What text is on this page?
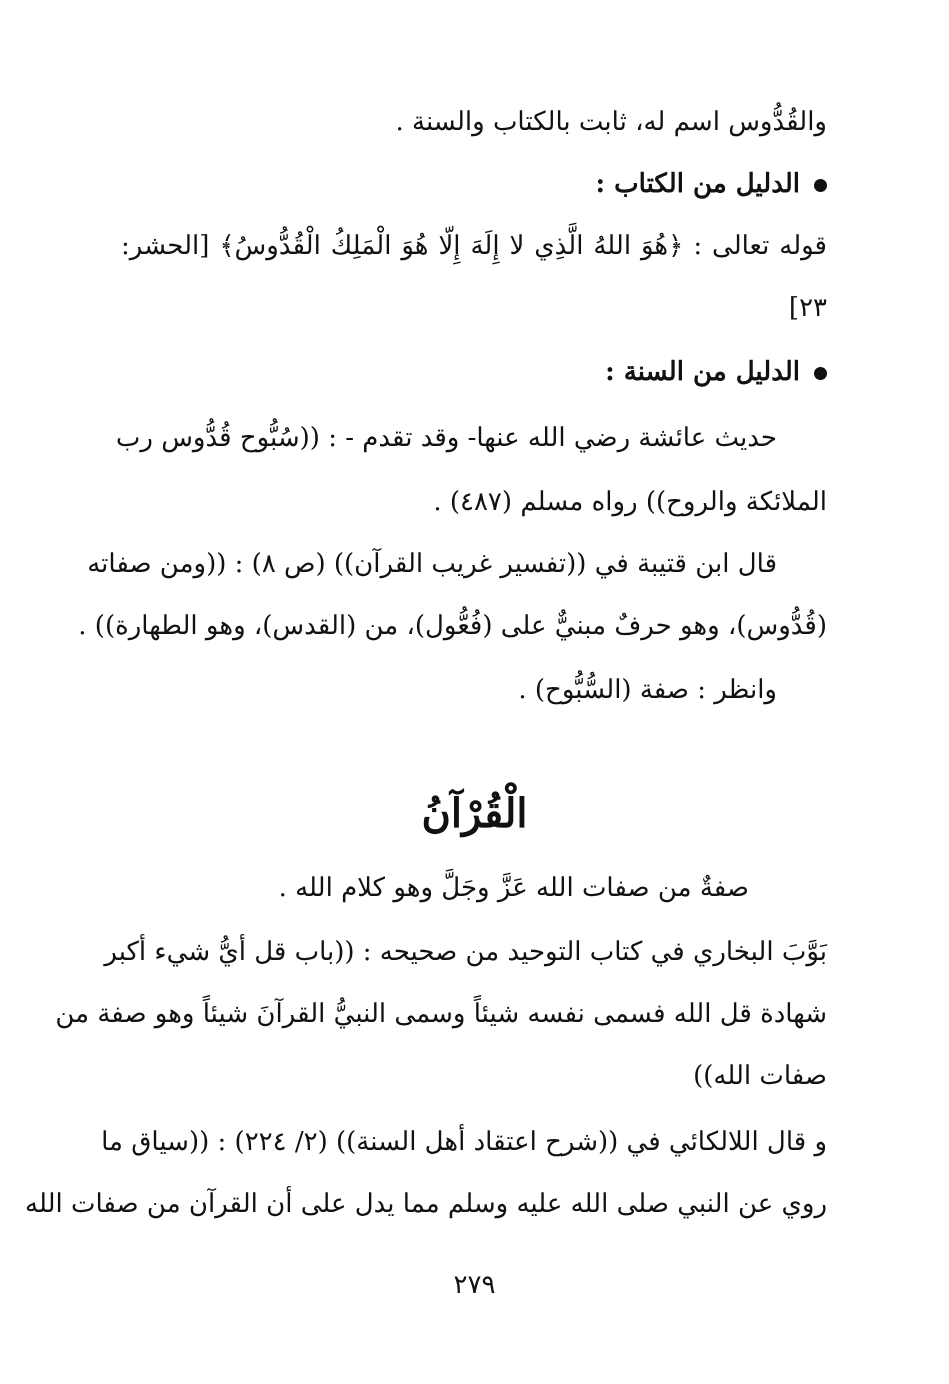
والقُدُّوس اسم له، ثابت بالكتاب والسنة .
الدليل من الكتاب :
قوله تعالى : ﴿هُوَ اللهُ الَّذِي لا إِلَهَ إِلّا هُوَ الْمَلِكُ الْقُدُّوسُ﴾ [الحشر:
٢٣]
الدليل من السنة :
حديث عائشة رضي الله عنها- وقد تقدم - : ((سُبُّوح قُدُّوس رب
الملائكة والروح)) رواه مسلم (٤٨٧) .
قال ابن قتيبة في ((تفسير غريب القرآن)) (ص ٨) : ((ومن صفاته
(قُدُّوس)، وهو حرفٌ مبنيٌّ على (فُعُّول)، من (القدس)، وهو الطهارة)) .
وانظر : صفة (السُّبُّوح) .
الْقُرْآنُ
صفةٌ من صفات الله عَزَّ وجَلَّ وهو كلام الله .
بَوَّبَ البخاري في كتاب التوحيد من صحيحه : ((باب قل أيُّ شيء أكبر
شهادة قل الله فسمى نفسه شيئاً وسمى النبيُّ القرآنَ شيئاً وهو صفة من
صفات الله))
و قال اللالكائي في ((شرح اعتقاد أهل السنة)) (٢/ ٢٢٤) : ((سياق ما
روي عن النبي صلى الله عليه وسلم مما يدل على أن القرآن من صفات الله
٢٧٩
